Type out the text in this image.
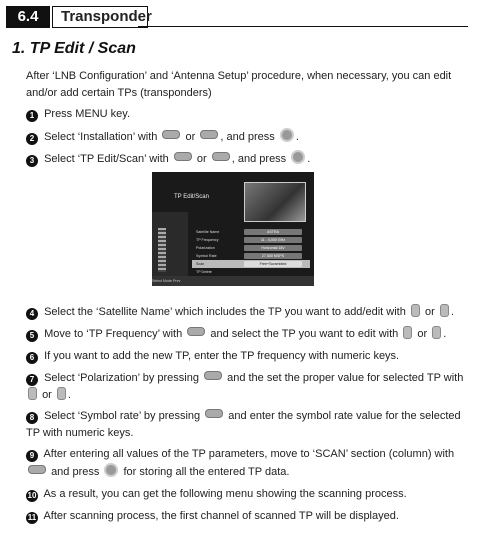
6.4	Transponder
1. TP Edit / Scan
After ‘LNB Configuration’ and ‘Antenna Setup’ procedure, when necessary, you can edit and/or add certain TPs (transponders)
1 Press MENU key.
2 Select ‘Installation’ with	or , and press .
3 Select ‘TP Edit/Scan’ with	or , and press .
TP Edit/Scan
Satellite Name	ASTRA
TP Frequency	11 - 4,000 GHz
Polarization	Horizontal 18V
Symbol Rate	27.500 MSPS
Scan	Free+Scrambled
TP Delete
Select Mode Prev
4 Select the ‘Satellite Name’ which includes the TP you want to add/edit with or .
5 Move to ‘TP Frequency’ with	and select the TP you want to edit with or .
6 If you want to add the new TP, enter the TP frequency with numeric keys.
7 Select ‘Polarization’ by pressing	and the set the proper value for selected TP with  or .
8 Select ‘Symbol rate’ by pressing	and enter the symbol rate value for the selected TP with numeric keys.
9 After entering all values of the TP parameters, move to ‘SCAN’ section (column) with  and press for storing all the entered TP data.
10 As a result, you can get the following menu showing the scanning process.
11 After scanning process, the first channel of scanned TP will be displayed.
